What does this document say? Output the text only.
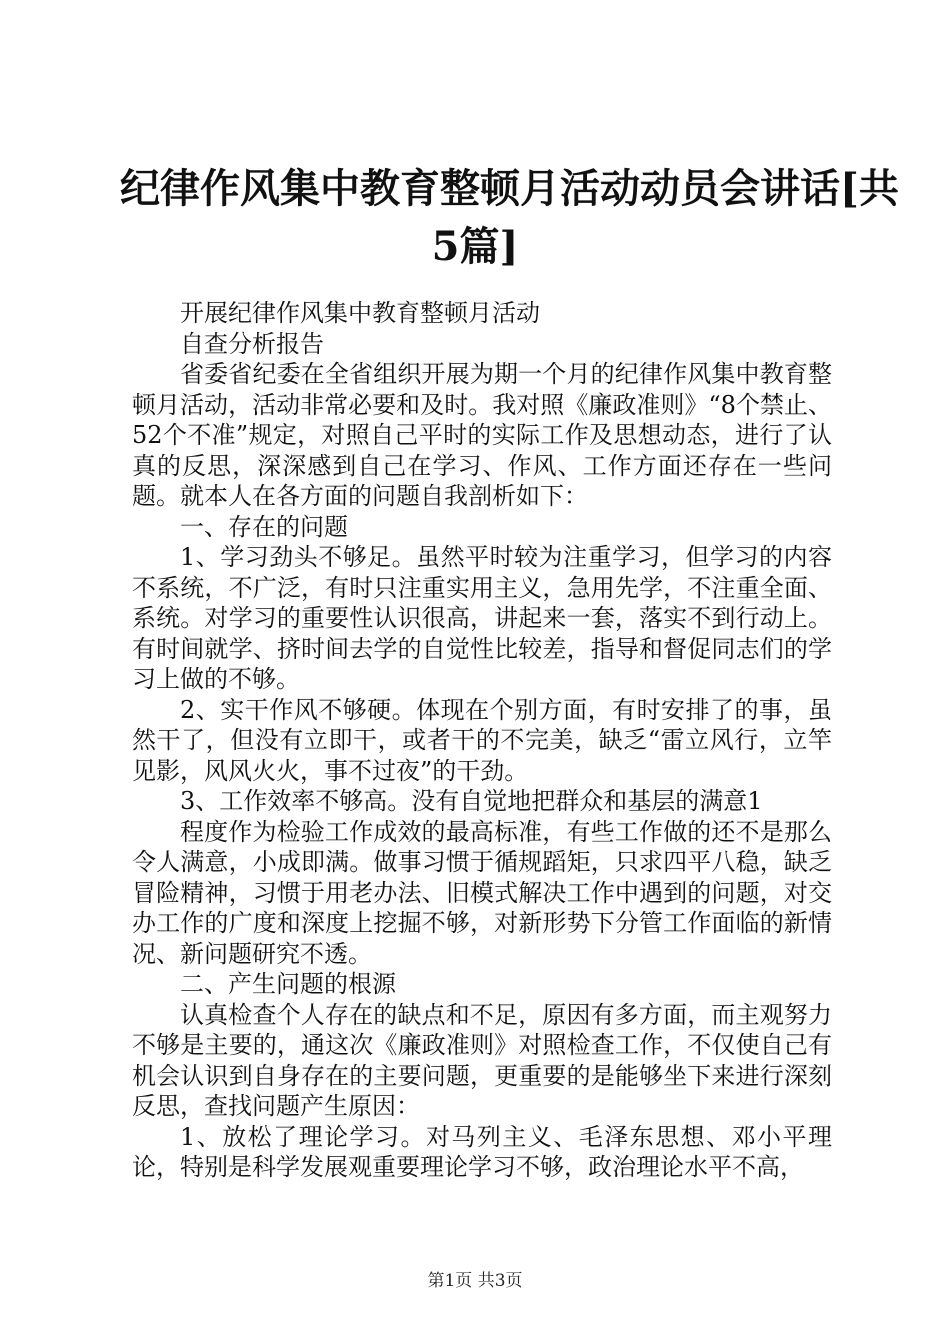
纪律作风集中教育整顿月活动动员会讲话[共
5篇]

开展纪律作风集中教育整顿月活动

自查分析报告

省委省纪委在全省组织开展为期一个月的纪律作风集中教育整顿月活动，活动非常必要和及时。我对照《廉政准则》“8个禁止、52个不准”规定，对照自己平时的实际工作及思想动态，进行了认真的反思，深深感到自己在学习、作风、工作方面还存在一些问题。就本人在各方面的问题自我剖析如下：

一、存在的问题

1、学习劲头不够足。虽然平时较为注重学习，但学习的内容不系统，不广泛，有时只注重实用主义，急用先学，不注重全面、系统。对学习的重要性认识很高，讲起来一套，落实不到行动上。有时间就学、挤时间去学的自觉性比较差，指导和督促同志们的学习上做的不够。

2、实干作风不够硬。体现在个别方面，有时安排了的事，虽然干了，但没有立即干，或者干的不完美，缺乏“雷立风行，立竿见影，风风火火，事不过夜”的干劲。

3、工作效率不够高。没有自觉地把群众和基层的满意1

程度作为检验工作成效的最高标准，有些工作做的还不是那么令人满意，小成即满。做事习惯于循规蹈矩，只求四平八稳，缺乏冒险精神，习惯于用老办法、旧模式解决工作中遇到的问题，对交办工作的广度和深度上挖掘不够，对新形势下分管工作面临的新情况、新问题研究不透。

二、产生问题的根源

认真检查个人存在的缺点和不足，原因有多方面，而主观努力不够是主要的，通这次《廉政准则》对照检查工作，不仅使自己有机会认识到自身存在的主要问题，更重要的是能够坐下来进行深刻反思，查找问题产生原因：

1、放松了理论学习。对马列主义、毛泽东思想、邓小平理论，特别是科学发展观重要理论学习不够，政治理论水平不高，

第1页 共3页
